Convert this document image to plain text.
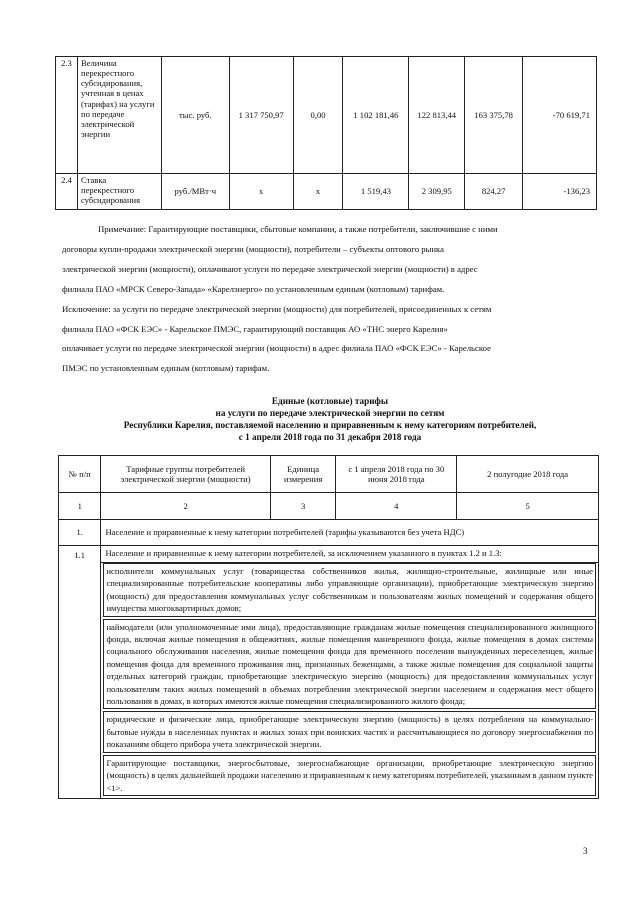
2.3	Величина перекрестного субсидирования, учтенная в ценах (тарифах) на услуги по передаче электрической энергии	тыс. руб.	1 317 750,97	0,00	1 102 181,46	122 813,44	163 375,78	-70 619,71
2.4	Ставка перекрестного субсидирования	руб./МВт·ч	х	х	1 519,43	2 309,95	824,27	-136,23
Примечание: Гарантирующие поставщики, сбытовые компании, а также потребители, заключившие с ними
договоры купли-продажи электрической энергии (мощности), потребители – субъекты оптового рынка
электрической энергии (мощности), оплачивают услуги по передаче электрической энергии (мощности) в адрес
филиала ПАО «МРСК Северо-Запада» «Карелэнерго» по установленным единым (котловым) тарифам.
Исключение: за услуги по передаче электрической энергии (мощности) для потребителей, присоединенных к сетям
филиала ПАО «ФСК ЕЭС» - Карельское ПМЭС, гарантирующий поставщик АО «ТНС энерго Карелия»
оплачивает услуги по передаче электрической энергии (мощности) в адрес филиала ПАО «ФСК ЕЭС» - Карельское
ПМЭС по установленным единым (котловым) тарифам.
Единые (котловые) тарифы
на услуги по передаче электрической энергии по сетям
Республики Карелия, поставляемой населению и приравненным к нему категориям потребителей,
с 1 апреля 2018 года по 31 декабря 2018 года
№ п/п	Тарифные группы потребителей электрической энергии (мощности)	Единица измерения	с 1 апреля 2018 года по 30 июня 2018 года	2 полугодие 2018 года
1	2	3	4	5
1.	Население и приравненные к нему категории потребителей (тарифы указываются без учета НДС)			
1.1	Население и приравненные к нему категории потребителей, за исключением указанного в пунктах 1.2 и 1.3:
исполнители коммунальных услуг (товарищества собственников жилья, жилищно-строительные, жилищные или иные специализированные потребительские кооперативы либо управляющие организации), приобретающие электрическую энергию (мощность) для предоставления коммунальных услуг собственникам и пользователям жилых помещений и содержания общего имущества многоквартирных домов;
наймодатели (или уполномоченные ими лица), предоставляющие гражданам жилые помещения специализированного жилищного фонда, включая жилые помещения в общежитиях, жилые помещения маневренного фонда, жилые помещения в домах системы социального обслуживания населения, жилые помещения фонда для временного поселения вынужденных переселенцев, жилые помещения фонда для временного проживания лиц, признанных беженцами, а также жилые помещения для социальной защиты отдельных категорий граждан, приобретающие электрическую энергию (мощность) для предоставления коммунальных услуг пользователям таких жилых помещений в объемах потребления электрической энергии населением и содержания мест общего пользования в домах, в которых имеются жилые помещения специализированного жилого фонда;
юридические и физические лица, приобретающие электрическую энергию (мощность) в целях потребления на коммунально-бытовые нужды в населенных пунктах и жилых зонах при воинских частях и рассчитывающиеся по договору энергоснабжения по показаниям общего прибора учета электрической энергии.
Гарантирующие поставщики, энергосбытовые, энергоснабжающие организации, приобретающие электрическую энергию (мощность) в целях дальнейшей продажи населению и приравненным к нему категориям потребителей, указанным в данном пункте <1>.			
3
